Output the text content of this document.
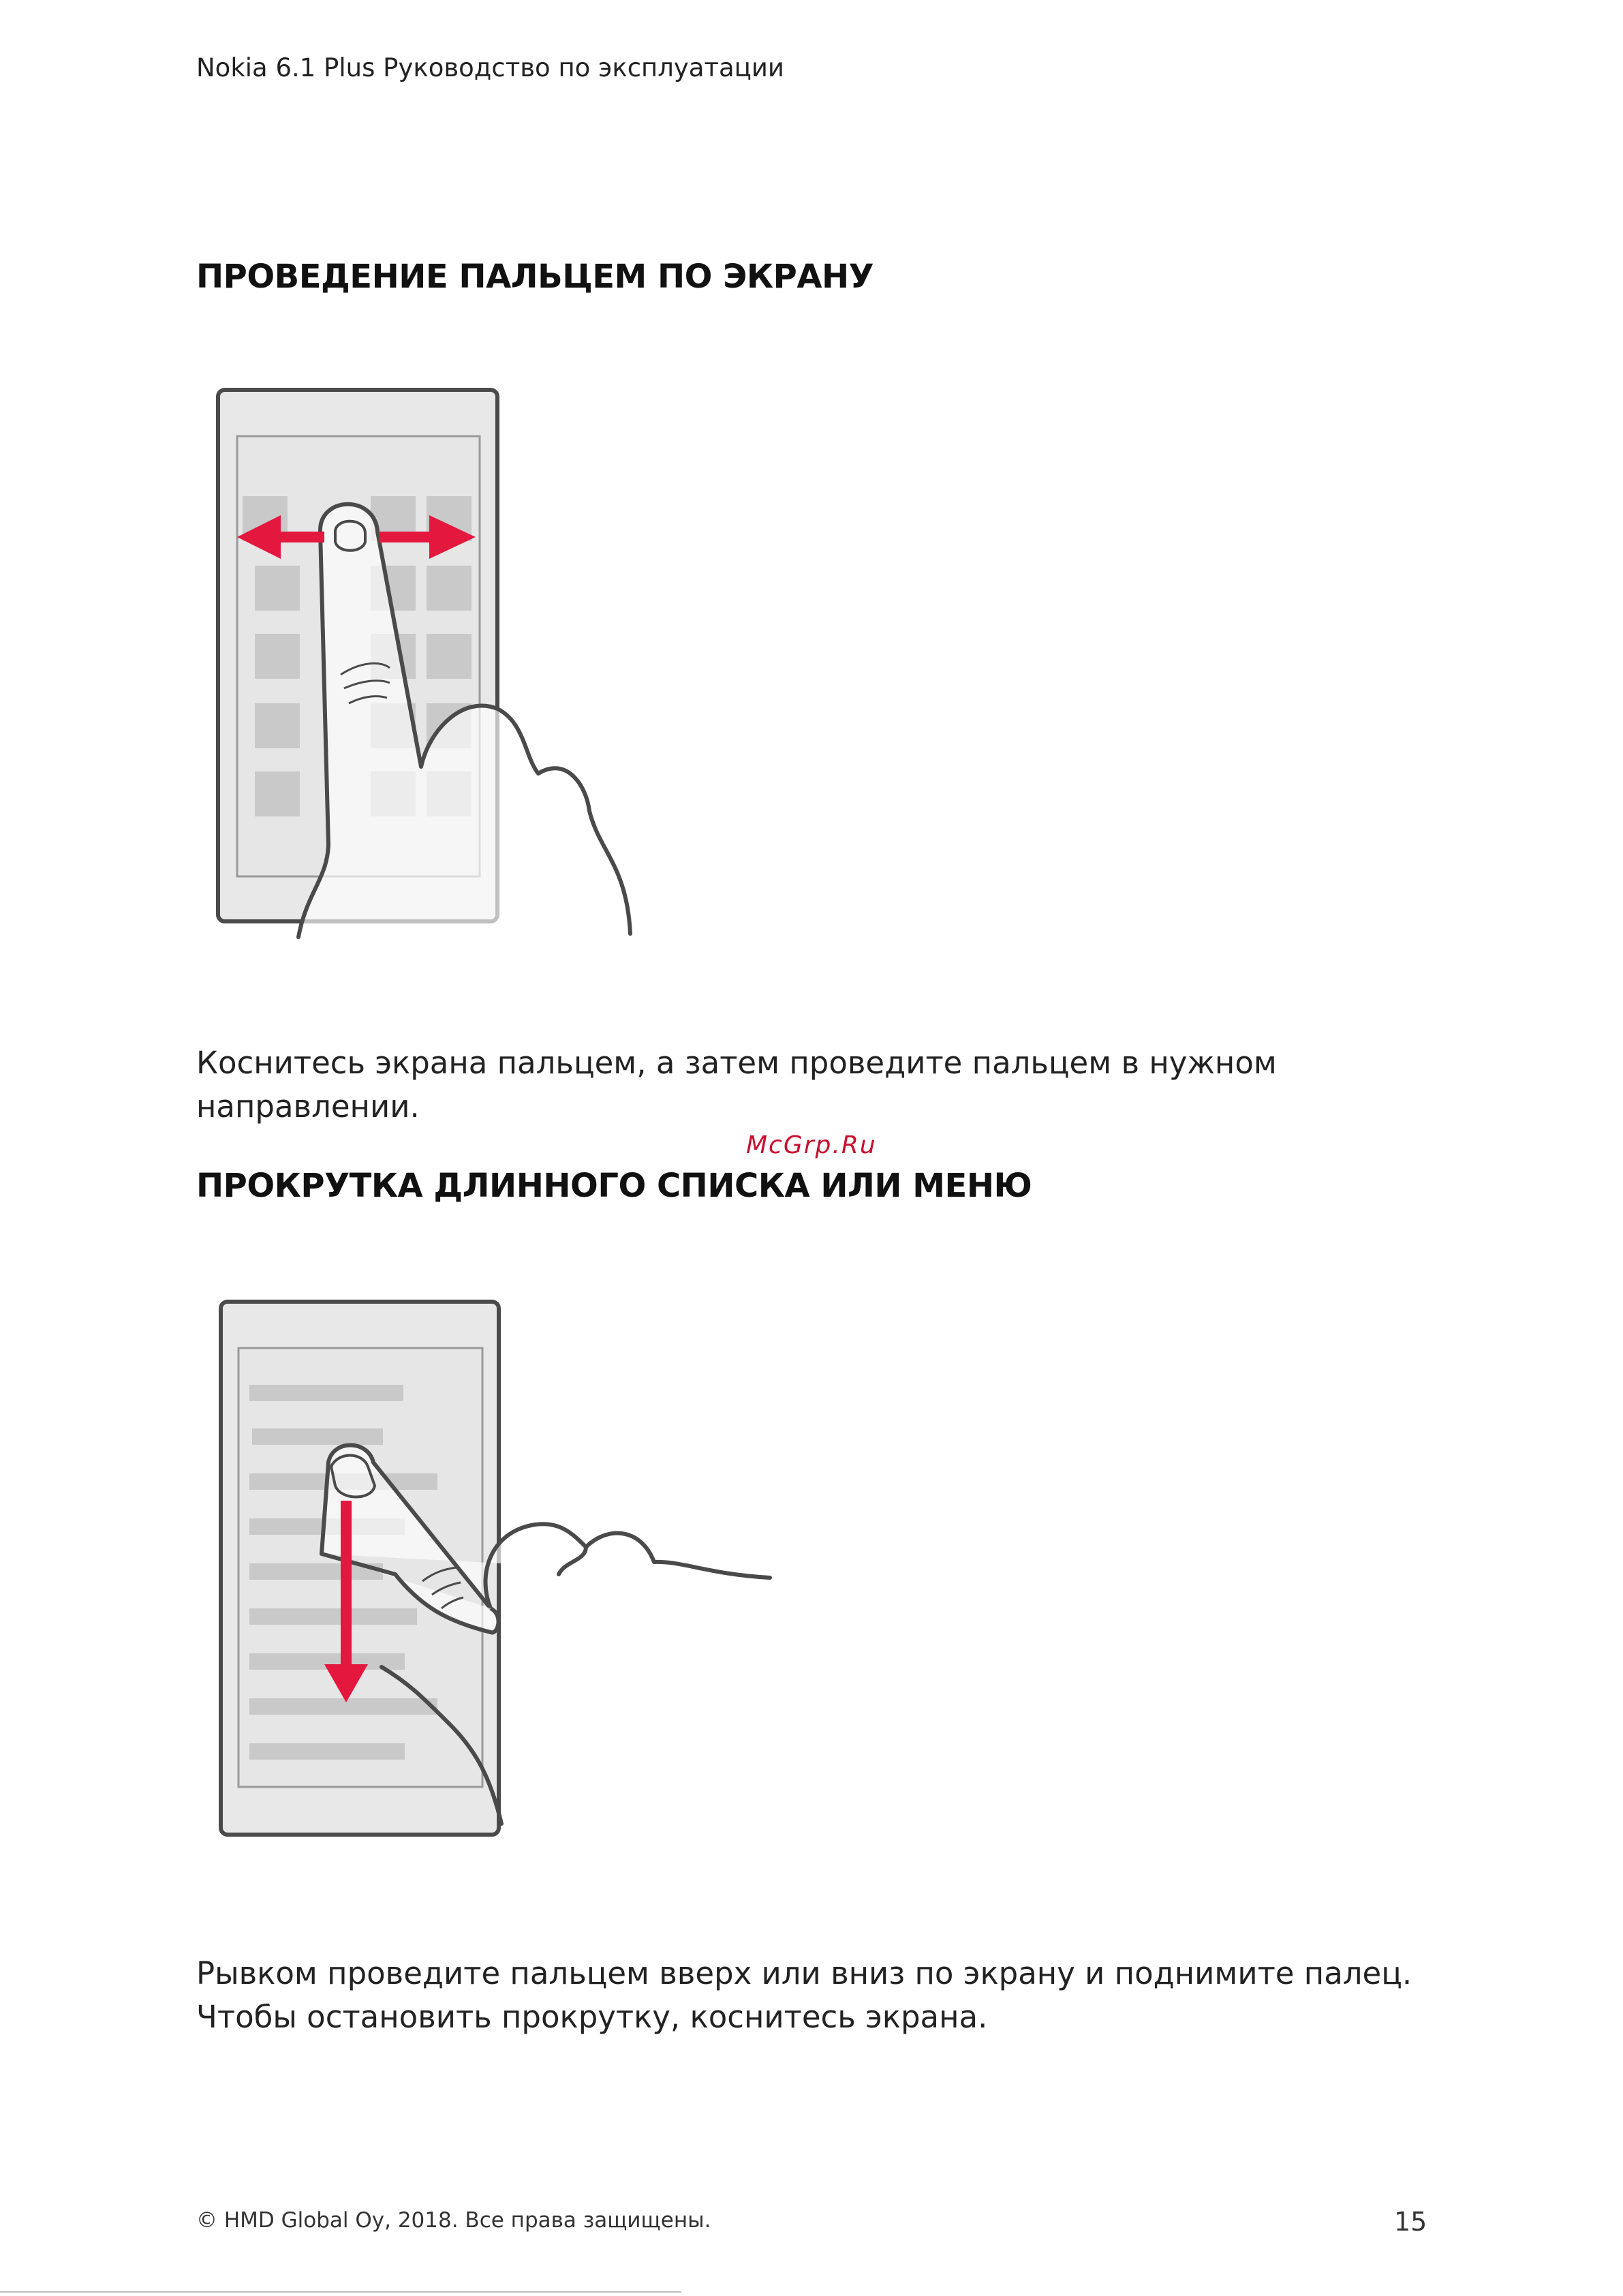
Nokia 6.1 Plus Руководство по эксплуатации
ПРОВЕДЕНИЕ ПАЛЬЦЕМ ПО ЭКРАНУ
Коснитесь экрана пальцем, а затем проведите пальцем в нужном направлении.
McGrp.Ru
ПРОКРУТКА ДЛИННОГО СПИСКА ИЛИ МЕНЮ
Рывком проведите пальцем вверх или вниз по экрану и поднимите палец. Чтобы остановить прокрутку, коснитесь экрана.
© HMD Global Oy, 2018. Все права защищены.	15
